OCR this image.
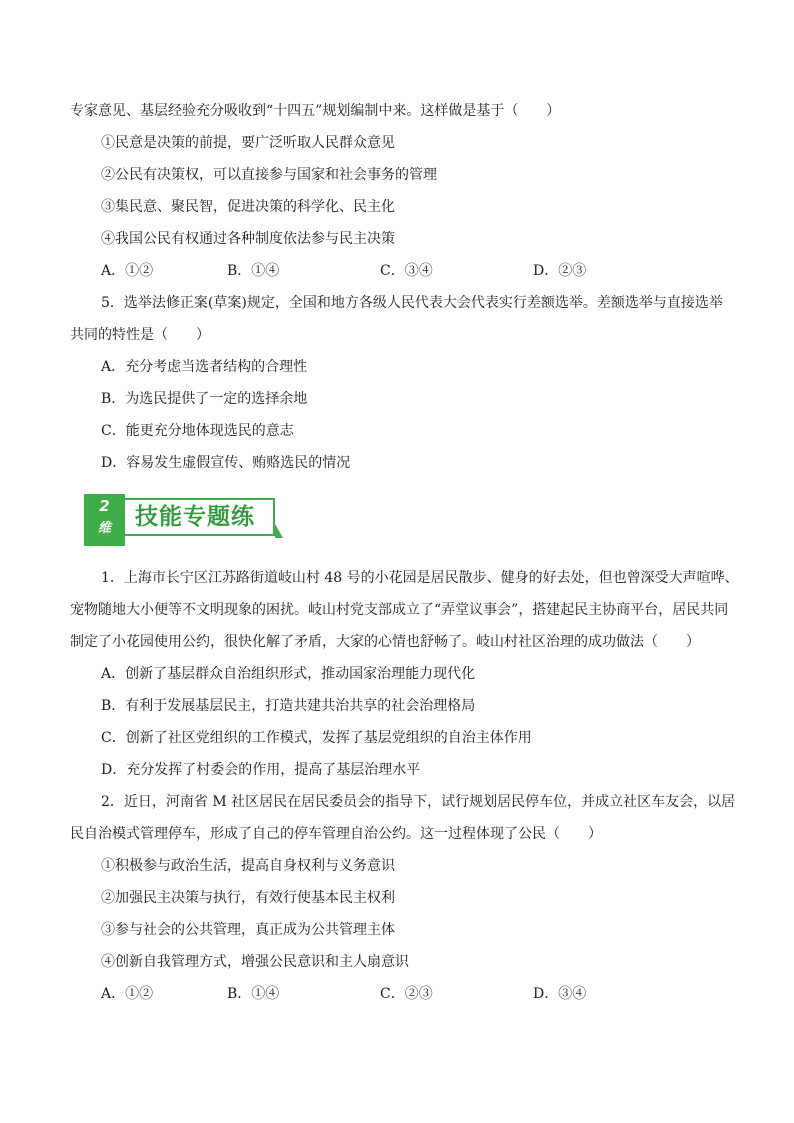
专家意见、基层经验充分吸收到“十四五”规划编制中来。这样做是基于（　　）
①民意是决策的前提，要广泛听取人民群众意见
②公民有决策权，可以直接参与国家和社会事务的管理
③集民意、聚民智，促进决策的科学化、民主化
④我国公民有权通过各种制度依法参与民主决策
A．①②	B．①④	C．③④	D．②③
5．选举法修正案(草案)规定，全国和地方各级人民代表大会代表实行差额选举。差额选举与直接选举
共同的特性是（　　）
A．充分考虑当选者结构的合理性
B．为选民提供了一定的选择余地
C．能更充分地体现选民的意志
D．容易发生虚假宣传、贿赂选民的情况
2
维	技能专题练
1．上海市长宁区江苏路街道岐山村 48 号的小花园是居民散步、健身的好去处，但也曾深受大声喧哗、
宠物随地大小便等不文明现象的困扰。岐山村党支部成立了“弄堂议事会”，搭建起民主协商平台，居民共同
制定了小花园使用公约，很快化解了矛盾，大家的心情也舒畅了。岐山村社区治理的成功做法（　　）
A．创新了基层群众自治组织形式，推动国家治理能力现代化
B．有利于发展基层民主，打造共建共治共享的社会治理格局
C．创新了社区党组织的工作模式，发挥了基层党组织的自治主体作用
D．充分发挥了村委会的作用，提高了基层治理水平
2．近日，河南省 M 社区居民在居民委员会的指导下，试行规划居民停车位，并成立社区车友会，以居
民自治模式管理停车，形成了自己的停车管理自治公约。这一过程体现了公民（　　）
①积极参与政治生活，提高自身权利与义务意识
②加强民主决策与执行，有效行使基本民主权利
③参与社会的公共管理，真正成为公共管理主体
④创新自我管理方式，增强公民意识和主人扇意识
A．①②	B．①④	C．②③	D．③④
